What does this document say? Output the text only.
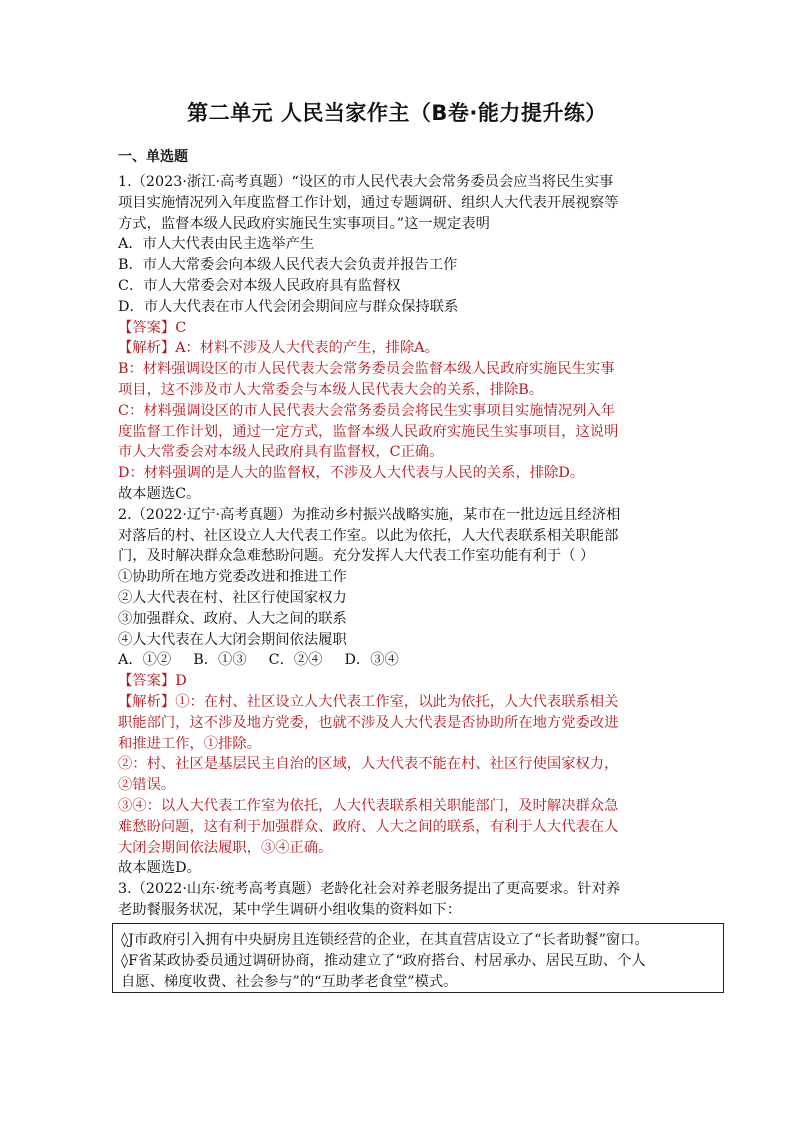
第二单元 人民当家作主（B卷·能力提升练）
一、单选题

1.（2023·浙江·高考真题）“设区的市人民代表大会常务委员会应当将民生实事

项目实施情况列入年度监督工作计划，通过专题调研、组织人大代表开展视察等

方式，监督本级人民政府实施民生实事项目。”这一规定表明

A．市人大代表由民主选举产生

B．市人大常委会向本级人民代表大会负责并报告工作

C．市人大常委会对本级人民政府具有监督权

D．市人大代表在市人代会闭会期间应与群众保持联系

【答案】C

【解析】A：材料不涉及人大代表的产生，排除A。

B：材料强调设区的市人民代表大会常务委员会监督本级人民政府实施民生实事

项目，这不涉及市人大常委会与本级人民代表大会的关系，排除B。

C：材料强调设区的市人民代表大会常务委员会将民生实事项目实施情况列入年

度监督工作计划，通过一定方式，监督本级人民政府实施民生实事项目，这说明

市人大常委会对本级人民政府具有监督权，C正确。

D：材料强调的是人大的监督权，不涉及人大代表与人民的关系，排除D。

故本题选C。

2.（2022·辽宁·高考真题）为推动乡村振兴战略实施，某市在一批边远且经济相

对落后的村、社区设立人大代表工作室。以此为依托，人大代表联系相关职能部

门，及时解决群众急难愁盼问题。充分发挥人大代表工作室功能有利于（ ）

①协助所在地方党委改进和推进工作

②人大代表在村、社区行使国家权力

③加强群众、政府、人大之间的联系

④人大代表在人大闭会期间依法履职

A．①② B．①③ C．②④ D．③④

【答案】D

【解析】①：在村、社区设立人大代表工作室，以此为依托，人大代表联系相关

职能部门，这不涉及地方党委，也就不涉及人大代表是否协助所在地方党委改进

和推进工作，①排除。

②：村、社区是基层民主自治的区域，人大代表不能在村、社区行使国家权力，

②错误。

③④：以人大代表工作室为依托，人大代表联系相关职能部门，及时解决群众急

难愁盼问题，这有利于加强群众、政府、人大之间的联系，有利于人大代表在人

大闭会期间依法履职，③④正确。

故本题选D。

3.（2022·山东·统考高考真题）老龄化社会对养老服务提出了更高要求。针对养

老助餐服务状况，某中学生调研小组收集的资料如下：

◊J市政府引入拥有中央厨房且连锁经营的企业，在其直营店设立了“长者助餐”窗口。

◊F省某政协委员通过调研协商，推动建立了“政府搭台、村居承办、居民互助、个人

自愿、梯度收费、社会参与”的“互助孝老食堂”模式。
